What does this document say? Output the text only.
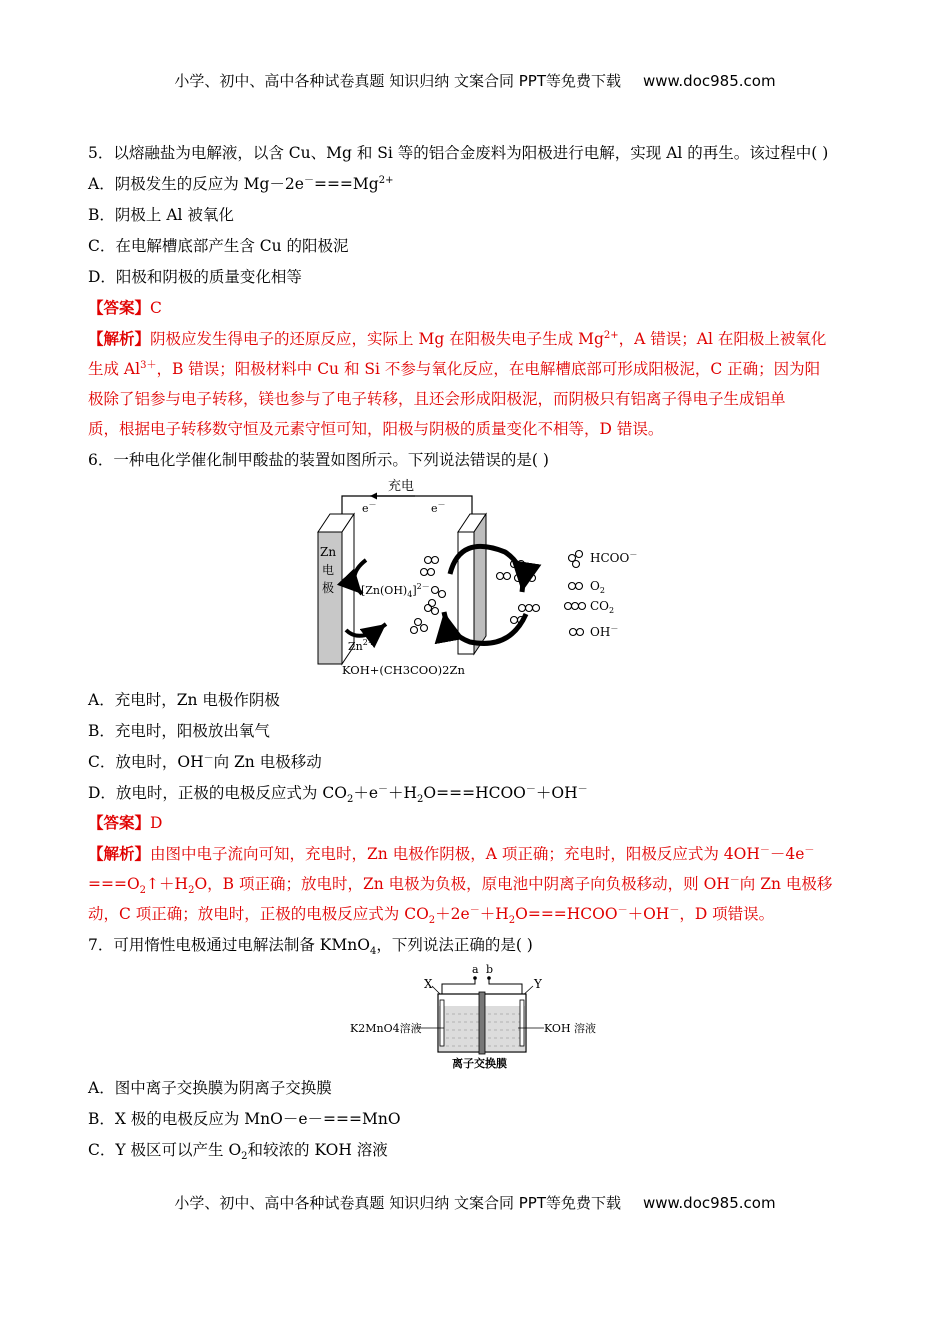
小学、初中、高中各种试卷真题 知识归纳 文案合同 PPT等免费下载 www.doc985.com
5．以熔融盐为电解液，以含 Cu、Mg 和 Si 等的铝合金废料为阳极进行电解，实现 Al 的再生。该过程中( )
A．阴极发生的反应为 $Mg-2e^-===Mg^{2+}$
B．阴极上 Al 被氧化
C．在电解槽底部产生含 Cu 的阳极泥
D．阳极和阴极的质量变化相等
【答案】C
【解析】阴极应发生得电子的还原反应，实际上 Mg 在阳极失电子生成 $Mg^{2+}$，A 错误；Al 在阳极上被氧化
生成 $Al^{3+}$，B 错误；阳极材料中 Cu 和 Si 不参与氧化反应，在电解槽底部可形成阳极泥，C 正确；因为阳
极除了铝参与电子转移，镁也参与了电子转移，且还会形成阳极泥，而阴极只有铝离子得电子生成铝单
质，根据电子转移数守恒及元素守恒可知，阳极与阴极的质量变化不相等，D 错误。
6．一种电化学催化制甲酸盐的装置如图所示。下列说法错误的是( )
充电
e－	e－
Zn
电
极 $[Zn(OH)_4]^{2-}$
$Zn^{2+}$
HCOO－
$O_2$
$CO_2$
OH－
KOH+(CH3COO)2Zn
A．充电时，Zn 电极作阴极
B．充电时，阳极放出氧气
C．放电时，OH－向 Zn 电极移动
D．放电时，正极的电极反应式为 $CO_2+e^-+H_2O===HCOO^-+OH^-$
【答案】D
【解析】由图中电子流向可知，充电时，Zn 电极作阴极，A 项正确；充电时，阳极反应式为 4OH－－4e－
$===O_2↑+H_2O$，B 项正确；放电时，Zn 电极为负极，原电池中阴离子向负极移动，则 OH－向 Zn 电极移
动，C 项正确；放电时，正极的电极反应式为 $CO_2+2e^-+H_2O===HCOO^-+OH^-$，D 项错误。
7．可用惰性电极通过电解法制备 KMnO$_4$，下列说法正确的是( )
a b
X	Y
K2MnO4溶液	KOH 溶液
离子交换膜
A．图中离子交换膜为阴离子交换膜
B．X 极的电极反应为 MnO－e－===MnO
C．Y 极区可以产生 $O_2$和较浓的 KOH 溶液
小学、初中、高中各种试卷真题 知识归纳 文案合同 PPT等免费下载 www.doc985.com
